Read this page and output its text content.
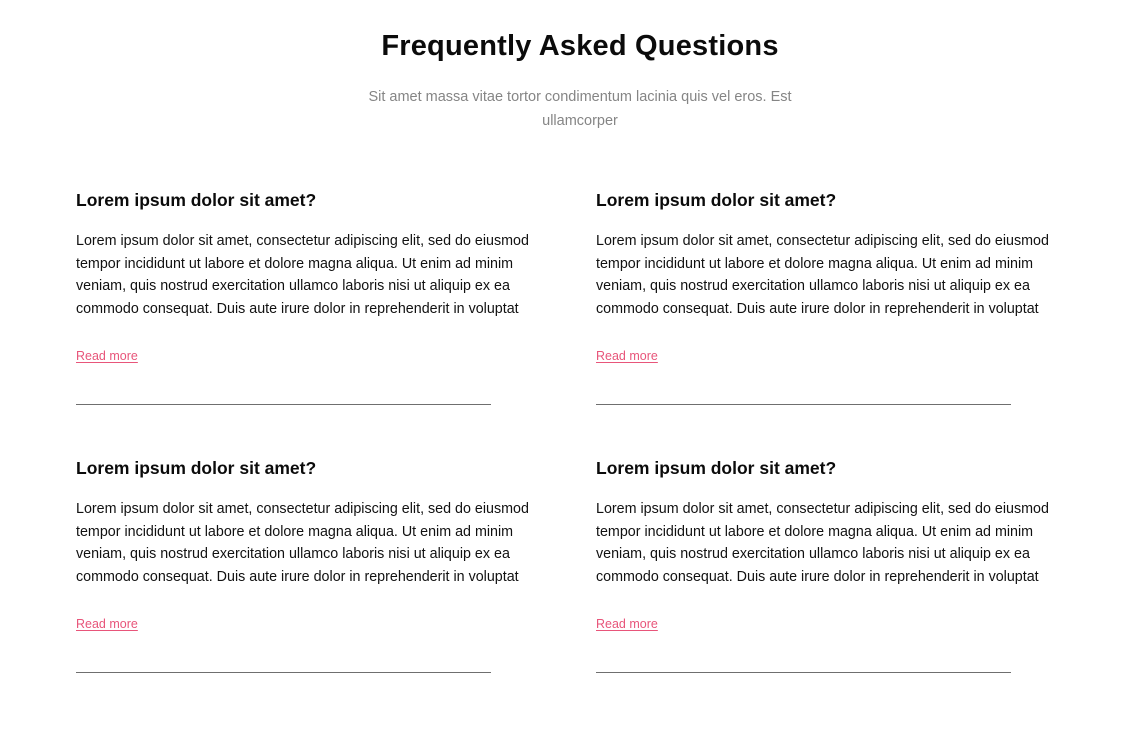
Frequently Asked Questions

Sit amet massa vitae tortor condimentum lacinia quis vel eros. Est ullamcorper

Lorem ipsum dolor sit amet?

Lorem ipsum dolor sit amet, consectetur adipiscing elit, sed do eiusmod tempor incididunt ut labore et dolore magna aliqua. Ut enim ad minim veniam, quis nostrud exercitation ullamco laboris nisi ut aliquip ex ea commodo consequat. Duis aute irure dolor in reprehenderit in voluptat

Read more
Lorem ipsum dolor sit amet?

Lorem ipsum dolor sit amet, consectetur adipiscing elit, sed do eiusmod tempor incididunt ut labore et dolore magna aliqua. Ut enim ad minim veniam, quis nostrud exercitation ullamco laboris nisi ut aliquip ex ea commodo consequat. Duis aute irure dolor in reprehenderit in voluptat

Read more
Lorem ipsum dolor sit amet?

Lorem ipsum dolor sit amet, consectetur adipiscing elit, sed do eiusmod tempor incididunt ut labore et dolore magna aliqua. Ut enim ad minim veniam, quis nostrud exercitation ullamco laboris nisi ut aliquip ex ea commodo consequat. Duis aute irure dolor in reprehenderit in voluptat

Read more
Lorem ipsum dolor sit amet?

Lorem ipsum dolor sit amet, consectetur adipiscing elit, sed do eiusmod tempor incididunt ut labore et dolore magna aliqua. Ut enim ad minim veniam, quis nostrud exercitation ullamco laboris nisi ut aliquip ex ea commodo consequat. Duis aute irure dolor in reprehenderit in voluptat

Read more
